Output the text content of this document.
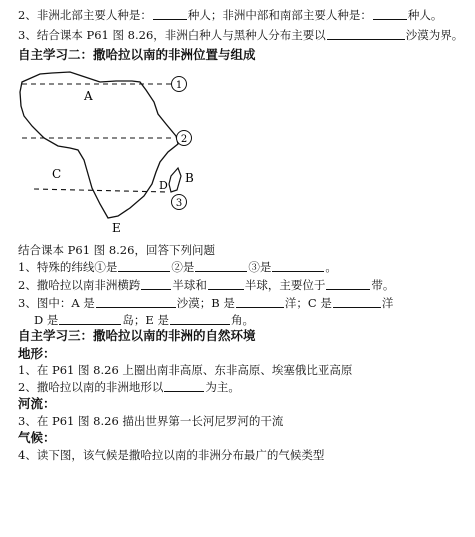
2、非洲北部主要人种是：	种人；非洲中部和南部主要人种是：	种人。
3、结合课本 P61 图 8.26，非洲白种人与黑种人分布主要以	沙漠为界。
自主学习二：撒哈拉以南的非洲位置与组成
1
2
3
A
B
C
D
E
结合课本 P61 图 8.26，回答下列问题
1、特殊的纬线①是	②是	③是	。
2、撒哈拉以南非洲横跨	半球和	半球，主要位于	带。
3、图中：A 是	沙漠；B 是	洋；C 是	洋
D 是	岛；E 是	角。
自主学习三：撒哈拉以南的非洲的自然环境
地形：
1、在 P61 图 8.26 上圈出南非高原、东非高原、埃塞俄比亚高原
2、撒哈拉以南的非洲地形以	为主。
河流：
3、在 P61 图 8.26 描出世界第一长河尼罗河的干流
气候：
4、读下图，该气候是撒哈拉以南的非洲分布最广的气候类型
